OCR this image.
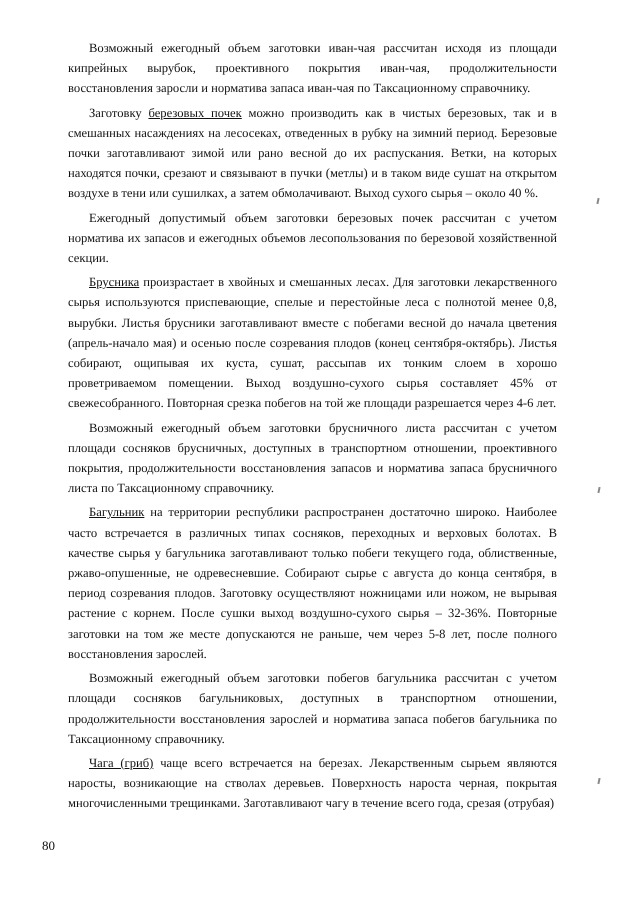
Возможный ежегодный объем заготовки иван-чая рассчитан исходя из площади кипрейных вырубок, проективного покрытия иван-чая, продолжительности восстановления заросли и норматива запаса иван-чая по Таксационному справочнику.

Заготовку березовых почек можно производить как в чистых березовых, так и в смешанных насаждениях на лесосеках, отведенных в рубку на зимний период. Березовые почки заготавливают зимой или рано весной до их распускания. Ветки, на которых находятся почки, срезают и связывают в пучки (метлы) и в таком виде сушат на открытом воздухе в тени или сушилках, а затем обмолачивают. Выход сухого сырья – около 40 %.

Ежегодный допустимый объем заготовки березовых почек рассчитан с учетом норматива их запасов и ежегодных объемов лесопользования по березовой хозяйственной секции.

Брусника произрастает в хвойных и смешанных лесах. Для заготовки лекарственного сырья используются приспевающие, спелые и перестойные леса с полнотой менее 0,8, вырубки. Листья брусники заготавливают вместе с побегами весной до начала цветения (апрель-начало мая) и осенью после созревания плодов (конец сентября-октябрь). Листья собирают, ощипывая их куста, сушат, рассыпав их тонким слоем в хорошо проветриваемом помещении. Выход воздушно-сухого сырья составляет 45% от свежесобранного. Повторная срезка побегов на той же площади разрешается через 4-6 лет.

Возможный ежегодный объем заготовки брусничного листа рассчитан с учетом площади сосняков брусничных, доступных в транспортном отношении, проективного покрытия, продолжительности восстановления запасов и норматива запаса брусничного листа по Таксационному справочнику.

Багульник на территории республики распространен достаточно широко. Наиболее часто встречается в различных типах сосняков, переходных и верховых болотах. В качестве сырья у багульника заготавливают только побеги текущего года, облиственные, ржаво-опушенные, не одревесневшие. Собирают сырье с августа до конца сентября, в период созревания плодов. Заготовку осуществляют ножницами или ножом, не вырывая растение с корнем. После сушки выход воздушно-сухого сырья – 32-36%. Повторные заготовки на том же месте допускаются не раньше, чем через 5-8 лет, после полного восстановления зарослей.

Возможный ежегодный объем заготовки побегов багульника рассчитан с учетом площади сосняков багульниковых, доступных в транспортном отношении, продолжительности восстановления зарослей и норматива запаса побегов багульника по Таксационному справочнику.

Чага (гриб) чаще всего встречается на березах. Лекарственным сырьем являются наросты, возникающие на стволах деревьев. Поверхность нароста черная, покрытая многочисленными трещинками. Заготавливают чагу в течение всего года, срезая (отрубая)

80
